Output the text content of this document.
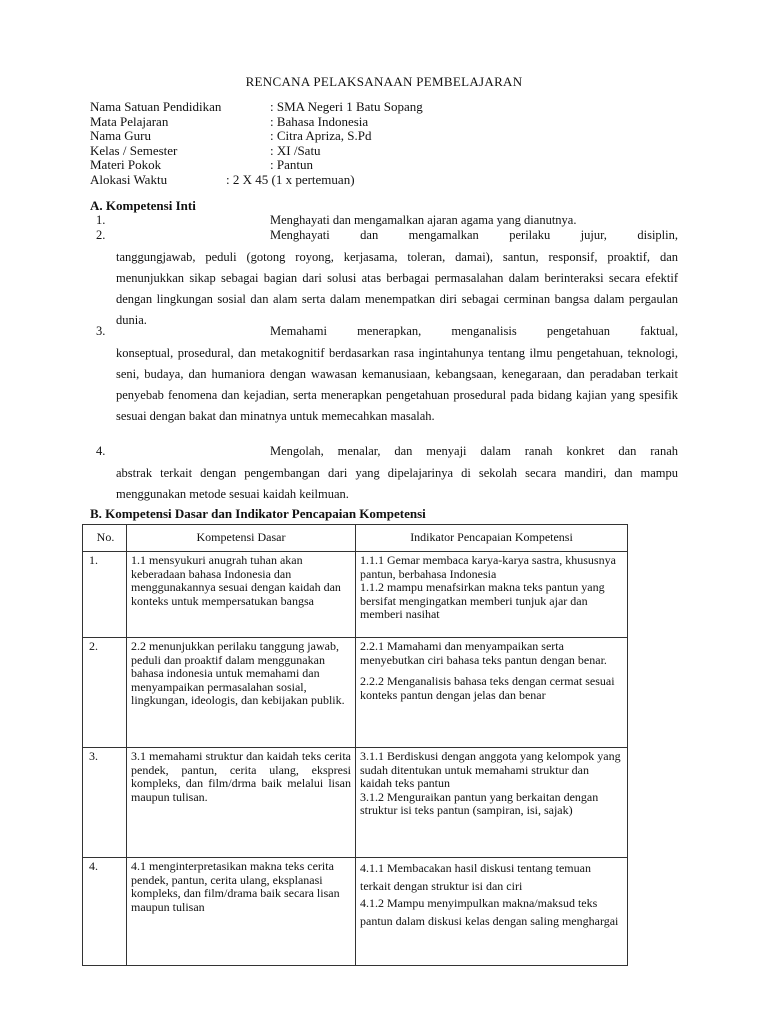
RENCANA PELAKSANAAN PEMBELAJARAN
Nama Satuan Pendidikan	: SMA Negeri 1 Batu Sopang
Mata Pelajaran	: Bahasa Indonesia
Nama Guru	: Citra Apriza, S.Pd
Kelas / Semester	: XI /Satu
Materi Pokok	: Pantun
Alokasi Waktu	: 2 X 45 (1 x pertemuan)
A. Kompetensi Inti
1.	Menghayati dan mengamalkan ajaran agama yang dianutnya.
2.	Menghayati dan mengamalkan perilaku jujur, disiplin,
tanggungjawab, peduli (gotong royong, kerjasama, toleran, damai), santun, responsif, proaktif, dan menunjukkan sikap sebagai bagian dari solusi atas berbagai permasalahan dalam berinteraksi secara efektif dengan lingkungan sosial dan alam serta dalam menempatkan diri sebagai cerminan bangsa dalam pergaulan dunia.
3.	Memahami menerapkan, menganalisis pengetahuan faktual,
konseptual, prosedural, dan metakognitif berdasarkan rasa ingintahunya tentang ilmu pengetahuan, teknologi, seni, budaya, dan humaniora dengan wawasan kemanusiaan, kebangsaan, kenegaraan, dan peradaban terkait penyebab fenomena dan kejadian, serta menerapkan pengetahuan prosedural pada bidang kajian yang spesifik sesuai dengan bakat dan minatnya untuk memecahkan masalah.
4.	Mengolah, menalar, dan menyaji dalam ranah konkret dan ranah
abstrak terkait dengan pengembangan dari yang dipelajarinya di sekolah secara mandiri, dan mampu menggunakan metode sesuai kaidah keilmuan.
B. Kompetensi Dasar dan Indikator Pencapaian Kompetensi
No.	Kompetensi Dasar	Indikator Pencapaian Kompetensi
1.	1.1 mensyukuri anugrah tuhan akan keberadaan bahasa Indonesia dan menggunakannya sesuai dengan kaidah dan konteks untuk mempersatukan bangsa	1.1.1 Gemar membaca karya-karya sastra, khususnya pantun, berbahasa Indonesia
1.1.2 mampu menafsirkan makna teks pantun yang bersifat mengingatkan memberi tunjuk ajar dan memberi nasihat

2.	2.2 menunjukkan perilaku tanggung jawab, peduli dan proaktif dalam menggunakan bahasa indonesia untuk memahami dan menyampaikan permasalahan sosial, lingkungan, ideologis, dan kebijakan publik.	2.2.1 Mamahami dan menyampaikan serta menyebutkan ciri bahasa teks pantun dengan benar.
2.2.2 Menganalisis bahasa teks dengan cermat sesuai konteks pantun dengan jelas dan benar

3.	3.1 memahami struktur dan kaidah teks cerita pendek, pantun, cerita ulang, ekspresi kompleks, dan film/drma baik melalui lisan maupun tulisan.	3.1.1 Berdiskusi dengan anggota yang kelompok yang sudah ditentukan untuk memahami struktur dan kaidah teks pantun
3.1.2 Menguraikan pantun yang berkaitan dengan struktur isi teks pantun (sampiran, isi, sajak)

4.	4.1 menginterpretasikan makna teks cerita pendek, pantun, cerita ulang, eksplanasi kompleks, dan film/drama baik secara lisan maupun tulisan	4.1.1 Membacakan hasil diskusi tentang temuan terkait dengan struktur isi dan ciri
4.1.2 Mampu menyimpulkan makna/maksud teks pantun dalam diskusi kelas dengan saling menghargai
